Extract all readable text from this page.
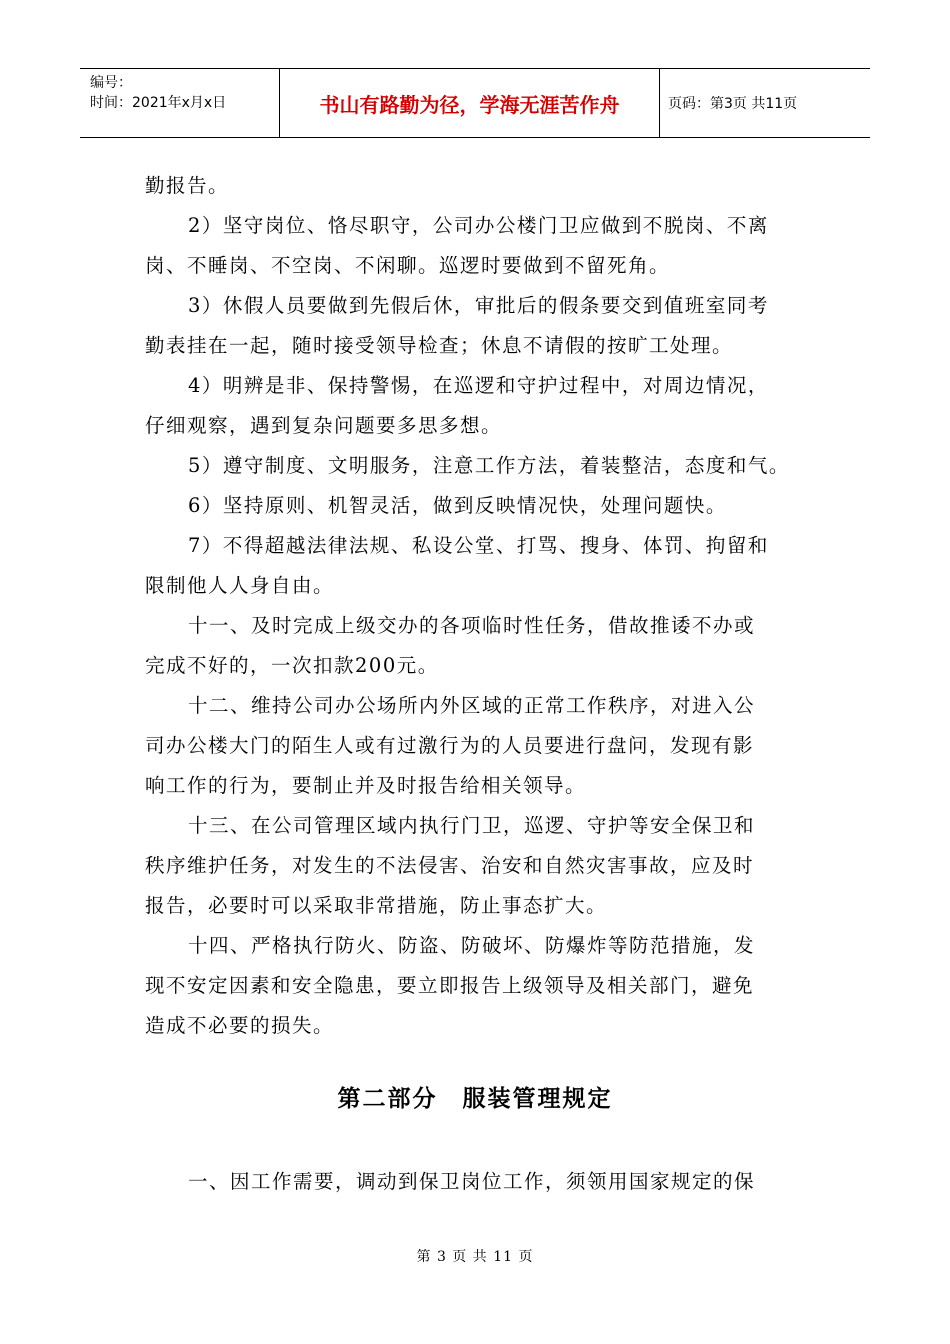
编号：
时间：2021年x月x日	书山有路勤为径，学海无涯苦作舟	页码：第3页 共11页
勤报告。
2）坚守岗位、恪尽职守，公司办公楼门卫应做到不脱岗、不离
岗、不睡岗、不空岗、不闲聊。巡逻时要做到不留死角。
3）休假人员要做到先假后休，审批后的假条要交到值班室同考
勤表挂在一起，随时接受领导检查；休息不请假的按旷工处理。
4）明辨是非、保持警惕，在巡逻和守护过程中，对周边情况，
仔细观察，遇到复杂问题要多思多想。
5）遵守制度、文明服务，注意工作方法，着装整洁，态度和气。
6）坚持原则、机智灵活，做到反映情况快，处理问题快。
7）不得超越法律法规、私设公堂、打骂、搜身、体罚、拘留和
限制他人人身自由。
十一、及时完成上级交办的各项临时性任务，借故推诿不办或
完成不好的，一次扣款200元。
十二、维持公司办公场所内外区域的正常工作秩序，对进入公
司办公楼大门的陌生人或有过激行为的人员要进行盘问，发现有影
响工作的行为，要制止并及时报告给相关领导。
十三、在公司管理区域内执行门卫，巡逻、守护等安全保卫和
秩序维护任务，对发生的不法侵害、治安和自然灾害事故，应及时
报告，必要时可以采取非常措施，防止事态扩大。
十四、严格执行防火、防盗、防破坏、防爆炸等防范措施，发
现不安定因素和安全隐患，要立即报告上级领导及相关部门，避免
造成不必要的损失。
第二部分　服装管理规定
一、因工作需要，调动到保卫岗位工作，须领用国家规定的保
第 3 页 共 11 页
